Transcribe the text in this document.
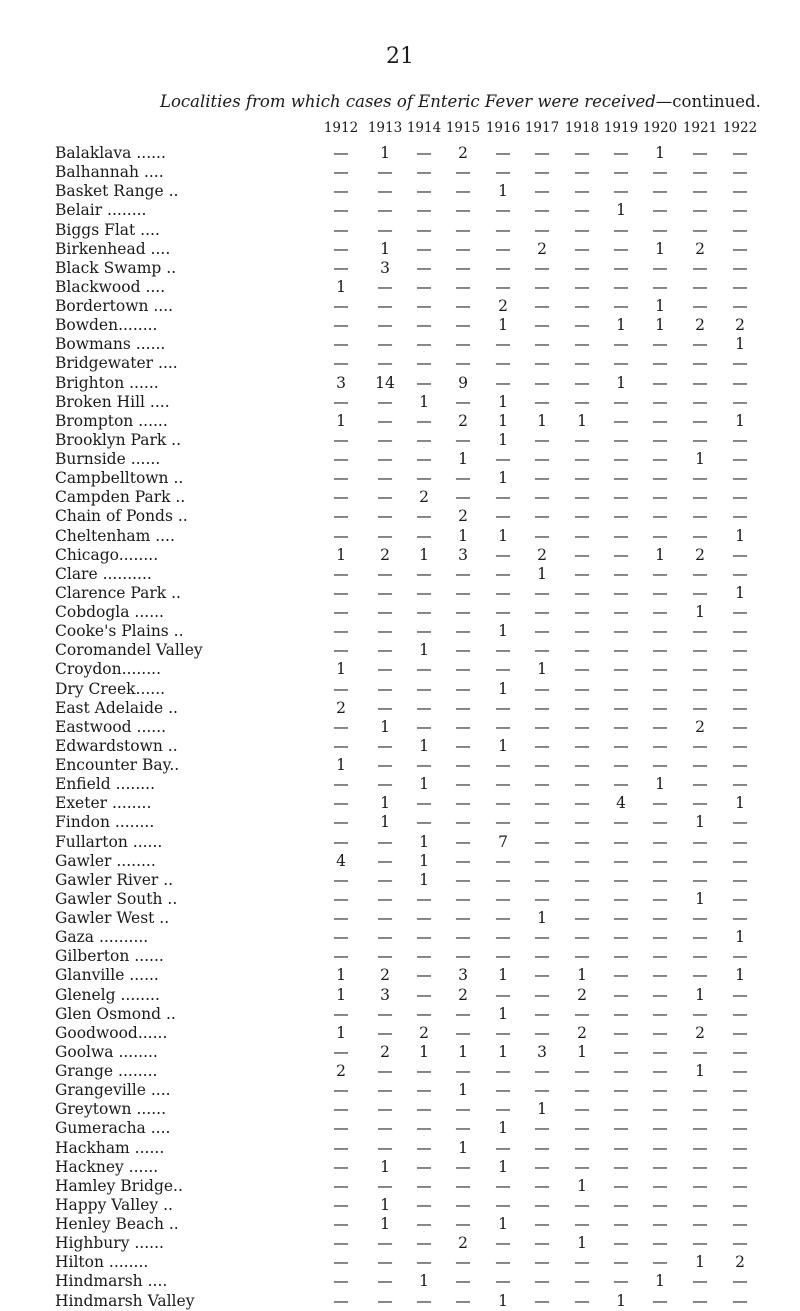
21
Localities from which cases of Enteric Fever were received—continued.
1912 1913 1914 1915 1916 1917 1918 1919 1920 1921 1922
Balaklava ......	— 1 — 2 — — — — 1 — —
Balhannah ....	— — — — — — — — — — —
Basket Range ..	— — — — 1 — — — — — —
Belair ........	— — — — — — — 1 — — —
Biggs Flat ....	— — — — — — — — — — —
Birkenhead ....	— 1 — — — 2 — — 1 2 —
Black Swamp ..	— 3 — — — — — — — — —
Blackwood ....	1 — — — — — — — — — —
Bordertown ....	— — — — 2 — — — 1 — —
Bowden........	— — — — 1 — — 1 1 2 2
Bowmans ......	— — — — — — — — — — 1
Bridgewater ....	— — — — — — — — — — —
Brighton ......	3 14 — 9 — — — 1 — — —
Broken Hill ....	— — 1 — 1 — — — — — —
Brompton ......	1 — — 2 1 1 1 — — — 1
Brooklyn Park ..	— — — — 1 — — — — — —
Burnside ......	— — — 1 — — — — — 1 —
Campbelltown ..	— — — — 1 — — — — — —
Campden Park ..	— — 2 — — — — — — — —
Chain of Ponds ..	— — — 2 — — — — — — —
Cheltenham ....	— — — 1 1 — — — — — 1
Chicago........	1 2 1 3 — 2 — — 1 2 —
Clare ..........	— — — — — 1 — — — — —
Clarence Park ..	— — — — — — — — — — 1
Cobdogla ......	— — — — — — — — — 1 —
Cooke's Plains ..	— — — — 1 — — — — — —
Coromandel Valley	— — 1 — — — — — — — —
Croydon........	1 — — — — 1 — — — — —
Dry Creek......	— — — — 1 — — — — — —
East Adelaide ..	2 — — — — — — — — — —
Eastwood ......	— 1 — — — — — — — 2 —
Edwardstown ..	— — 1 — 1 — — — — — —
Encounter Bay..	1 — — — — — — — — — —
Enfield ........	— — 1 — — — — — 1 — —
Exeter ........	— 1 — — — — — 4 — — 1
Findon ........	— 1 — — — — — — — 1 —
Fullarton ......	— — 1 — 7 — — — — — —
Gawler ........	4 — 1 — — — — — — — —
Gawler River ..	— — 1 — — — — — — — —
Gawler South ..	— — — — — — — — — 1 —
Gawler West ..	— — — — — 1 — — — — —
Gaza ..........	— — — — — — — — — — 1
Gilberton ......	— — — — — — — — — — —
Glanville ......	1 2 — 3 1 — 1 — — — 1
Glenelg ........	1 3 — 2 — — 2 — — 1 —
Glen Osmond ..	— — — — 1 — — — — — —
Goodwood......	1 — 2 — — — 2 — — 2 —
Goolwa ........	— 2 1 1 1 3 1 — — — —
Grange ........	2 — — — — — — — — 1 —
Grangeville ....	— — — 1 — — — — — — —
Greytown ......	— — — — — 1 — — — — —
Gumeracha ....	— — — — 1 — — — — — —
Hackham ......	— — — 1 — — — — — — —
Hackney ......	— 1 — — 1 — — — — — —
Hamley Bridge..	— — — — — — 1 — — — —
Happy Valley ..	— 1 — — — — — — — — —
Henley Beach ..	— 1 — — 1 — — — — — —
Highbury ......	— — — 2 — — 1 — — — —
Hilton ........	— — — — — — — — — 1 2
Hindmarsh ....	— — 1 — — — — — 1 — —
Hindmarsh Valley	— — — — 1 — — 1 — — —
